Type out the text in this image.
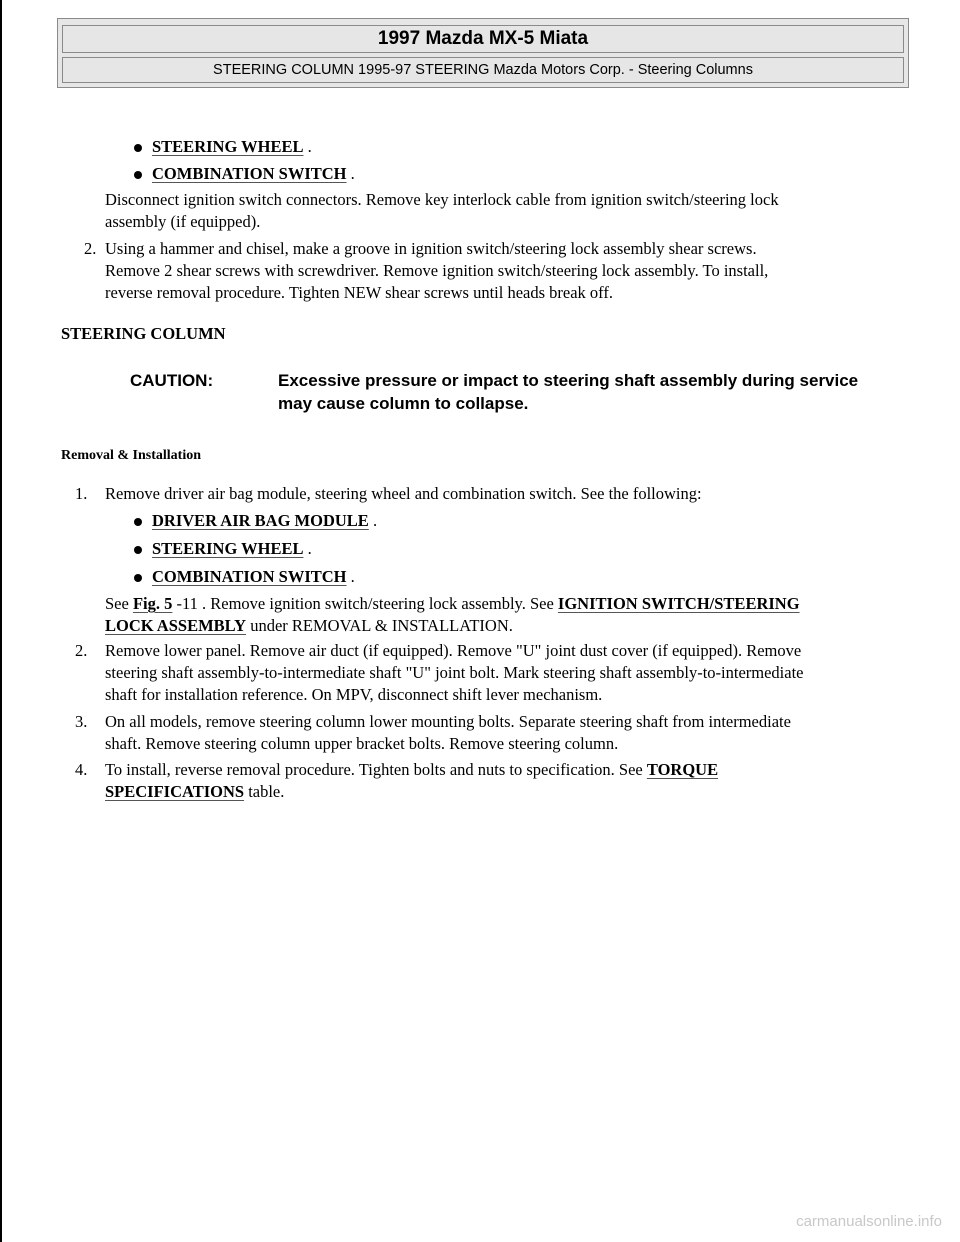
1997 Mazda MX-5 Miata
STEERING COLUMN 1995-97 STEERING Mazda Motors Corp. - Steering Columns
STEERING WHEEL .
COMBINATION SWITCH .
Disconnect ignition switch connectors. Remove key interlock cable from ignition switch/steering lock
assembly (if equipped).
2. Using a hammer and chisel, make a groove in ignition switch/steering lock assembly shear screws.
Remove 2 shear screws with screwdriver. Remove ignition switch/steering lock assembly. To install,
reverse removal procedure. Tighten NEW shear screws until heads break off.
STEERING COLUMN
CAUTION:	Excessive pressure or impact to steering shaft assembly during service
may cause column to collapse.
Removal & Installation
1. Remove driver air bag module, steering wheel and combination switch. See the following:
DRIVER AIR BAG MODULE .
STEERING WHEEL .
COMBINATION SWITCH .
See Fig. 5 -11 . Remove ignition switch/steering lock assembly. See IGNITION SWITCH/STEERING
LOCK ASSEMBLY under REMOVAL & INSTALLATION.
2. Remove lower panel. Remove air duct (if equipped). Remove "U" joint dust cover (if equipped). Remove
steering shaft assembly-to-intermediate shaft "U" joint bolt. Mark steering shaft assembly-to-intermediate
shaft for installation reference. On MPV, disconnect shift lever mechanism.
3. On all models, remove steering column lower mounting bolts. Separate steering shaft from intermediate
shaft. Remove steering column upper bracket bolts. Remove steering column.
4. To install, reverse removal procedure. Tighten bolts and nuts to specification. See TORQUE
SPECIFICATIONS table.
carmanualsonline.info
